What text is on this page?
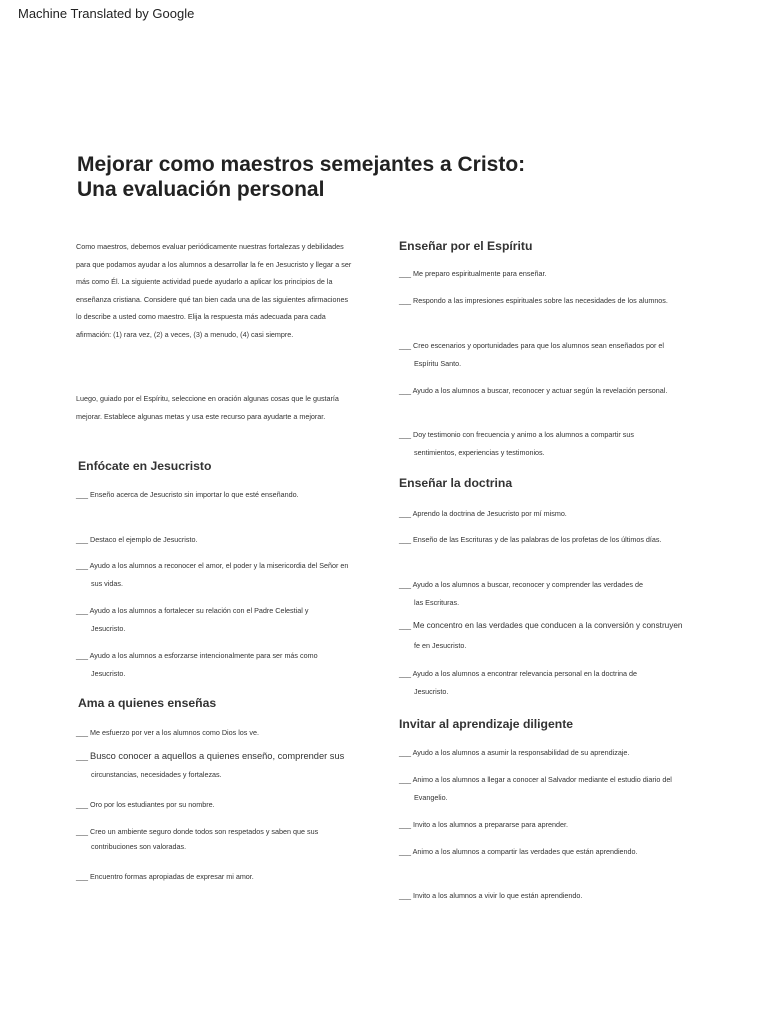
Machine Translated by Google
Mejorar como maestros semejantes a Cristo:
Una evaluación personal
Como maestros, debemos evaluar periódicamente nuestras fortalezas y debilidades
para que podamos ayudar a los alumnos a desarrollar la fe en Jesucristo y llegar a ser
más como Él. La siguiente actividad puede ayudarlo a aplicar los principios de la
enseñanza cristiana. Considere qué tan bien cada una de las siguientes afirmaciones
lo describe a usted como maestro. Elija la respuesta más adecuada para cada
afirmación: (1) rara vez, (2) a veces, (3) a menudo, (4) casi siempre.
Luego, guiado por el Espíritu, seleccione en oración algunas cosas que le gustaría
mejorar. Establece algunas metas y usa este recurso para ayudarte a mejorar.
Enfócate en Jesucristo
___ Enseño acerca de Jesucristo sin importar lo que esté enseñando.
___ Destaco el ejemplo de Jesucristo.
___ Ayudo a los alumnos a reconocer el amor, el poder y la misericordia del Señor en
sus vidas.
___ Ayudo a los alumnos a fortalecer su relación con el Padre Celestial y
Jesucristo.
___ Ayudo a los alumnos a esforzarse intencionalmente para ser más como
Jesucristo.
Ama a quienes enseñas
___ Me esfuerzo por ver a los alumnos como Dios los ve.
___ Busco conocer a aquellos a quienes enseño, comprender sus
circunstancias, necesidades y fortalezas.
___ Oro por los estudiantes por su nombre.
___ Creo un ambiente seguro donde todos son respetados y saben que sus
contribuciones son valoradas.
___ Encuentro formas apropiadas de expresar mi amor.
Enseñar por el Espíritu
___ Me preparo espiritualmente para enseñar.
___ Respondo a las impresiones espirituales sobre las necesidades de los alumnos.
___ Creo escenarios y oportunidades para que los alumnos sean enseñados por el
Espíritu Santo.
___ Ayudo a los alumnos a buscar, reconocer y actuar según la revelación personal.
___ Doy testimonio con frecuencia y animo a los alumnos a compartir sus
sentimientos, experiencias y testimonios.
Enseñar la doctrina
___ Aprendo la doctrina de Jesucristo por mí mismo.
___ Enseño de las Escrituras y de las palabras de los profetas de los últimos días.
___ Ayudo a los alumnos a buscar, reconocer y comprender las verdades de
las Escrituras.
___ Me concentro en las verdades que conducen a la conversión y construyen
fe en Jesucristo.
___ Ayudo a los alumnos a encontrar relevancia personal en la doctrina de
Jesucristo.
Invitar al aprendizaje diligente
___ Ayudo a los alumnos a asumir la responsabilidad de su aprendizaje.
___ Animo a los alumnos a llegar a conocer al Salvador mediante el estudio diario del
Evangelio.
___ Invito a los alumnos a prepararse para aprender.
___ Animo a los alumnos a compartir las verdades que están aprendiendo.
___ Invito a los alumnos a vivir lo que están aprendiendo.
